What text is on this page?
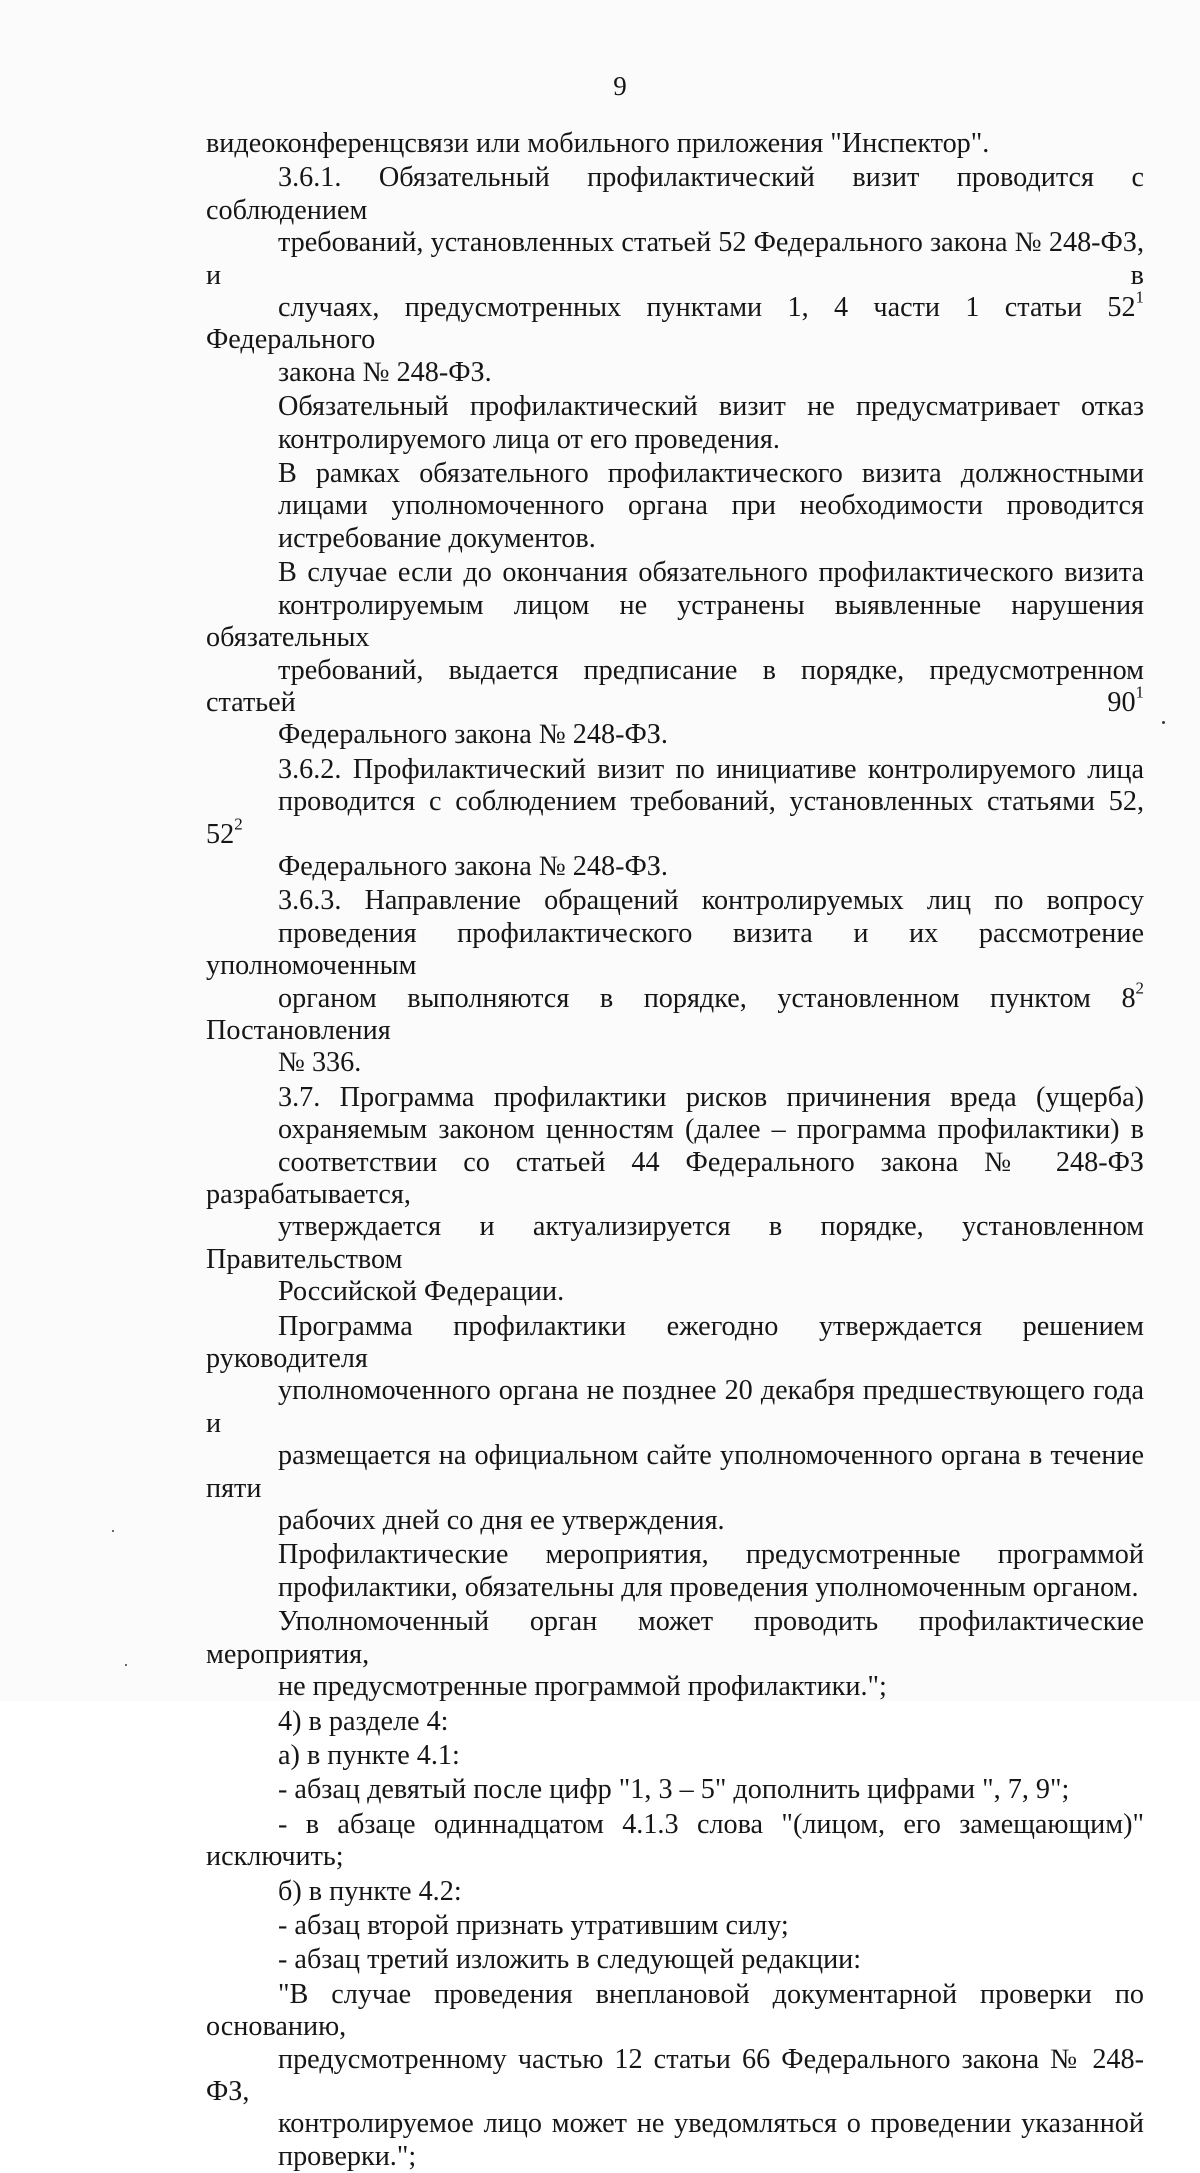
9
видеоконференцсвязи или мобильного приложения "Инспектор".
3.6.1. Обязательный профилактический визит проводится с соблюдением
требований, установленных статьей 52 Федерального закона № 248-ФЗ, и в
случаях, предусмотренных пунктами 1, 4 части 1 статьи $52^1$ Федерального
закона № 248-ФЗ.
Обязательный профилактический визит не предусматривает отказ
контролируемого лица от его проведения.
В рамках обязательного профилактического визита должностными
лицами уполномоченного органа при необходимости проводится
истребование документов.
В случае если до окончания обязательного профилактического визита
контролируемым лицом не устранены выявленные нарушения обязательных
требований, выдается предписание в порядке, предусмотренном статьей $90^1$
Федерального закона № 248-ФЗ.
3.6.2. Профилактический визит по инициативе контролируемого лица
проводится с соблюдением требований, установленных статьями 52, $52^2$
Федерального закона № 248-ФЗ.
3.6.3. Направление обращений контролируемых лиц по вопросу
проведения профилактического визита и их рассмотрение уполномоченным
органом выполняются в порядке, установленном пунктом $8^2$ Постановления
№ 336.
3.7. Программа профилактики рисков причинения вреда (ущерба)
охраняемым законом ценностям (далее – программа профилактики) в
соответствии со статьей 44 Федерального закона № 248-ФЗ разрабатывается,
утверждается и актуализируется в порядке, установленном Правительством
Российской Федерации.
Программа профилактики ежегодно утверждается решением руководителя
уполномоченного органа не позднее 20 декабря предшествующего года и
размещается на официальном сайте уполномоченного органа в течение пяти
рабочих дней со дня ее утверждения.
Профилактические мероприятия, предусмотренные программой
профилактики, обязательны для проведения уполномоченным органом.
Уполномоченный орган может проводить профилактические мероприятия,
не предусмотренные программой профилактики.";
4) в разделе 4:
а) в пункте 4.1:
- абзац девятый после цифр "1, 3 – 5" дополнить цифрами ", 7, 9";
- в абзаце одиннадцатом 4.1.3 слова "(лицом, его замещающим)" исключить;
б) в пункте 4.2:
- абзац второй признать утратившим силу;
- абзац третий изложить в следующей редакции:
"В случае проведения внеплановой документарной проверки по основанию,
предусмотренному частью 12 статьи 66 Федерального закона № 248-ФЗ,
контролируемое лицо может не уведомляться о проведении указанной
проверки.";
